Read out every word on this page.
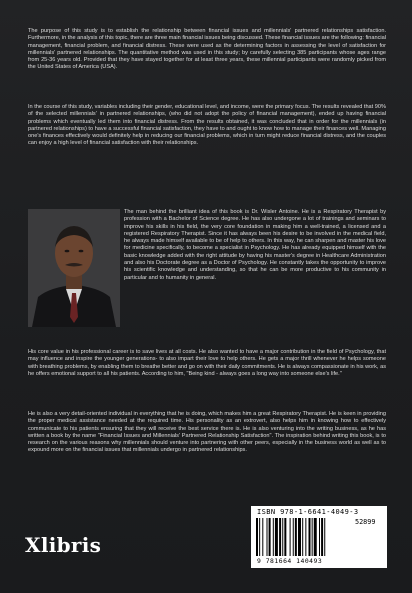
The purpose of this study is to establish the relationship between financial issues and millennials' partnered relationships satisfaction. Furthermore, in the analysis of this topic, there are three main financial issues being discussed. These financial issues are the following: financial management, financial problem, and financial distress. These were used as the determining factors in assessing the level of satisfaction for millennials' partnered relationships. The quantitative method was used in this study; by carefully selecting 385 participants whose ages range from 25-36 years old. Provided that they have stayed together for at least three years, these millennial participants were randomly picked from the United States of America (USA).

In the course of this study, variables including their gender, educational level, and income, were the primary focus. The results revealed that 90% of the selected millennials' in partnered relationships, (who did not adopt the policy of financial management), ended up having financial problems which eventually led them into financial distress. From the results obtained, it was concluded that in order for the millennials (in partnered relationships) to have a successful financial satisfaction, they have to and ought to know how to manage their finances well. Managing one's finances effectively would definitely help in reducing our financial problems, which in turn might reduce financial distress, and the couples can enjoy a high level of financial satisfaction with their relationships.

The man behind the brilliant idea of this book is Dr. Wisler Antoine. He is a Respiratory Therapist by profession with a Bachelor of Science degree. He has also undergone a lot of trainings and seminars to improve his skills in his field, the very core foundation in making him a well-trained, a licensed and a registered Respiratory Therapist. Since it has always been his desire to be involved in the medical field, he always made himself available to be of help to others. In this way, he can sharpen and master his love for medicine specifically, to become a specialist in Psychology. He has already equipped himself with the basic knowledge added with the right attitude by having his master's degree in Healthcare Administration and also his Doctorate degree as a Doctor of Psychology. He constantly takes the opportunity to improve his scientific knowledge and understanding, so that he can be more productive to his community in particular and to humanity in general.

His core value in his professional career is to save lives at all costs. He also wanted to have a major contribution in the field of Psychology, that may influence and inspire the younger generations- to also impart their love to help others. He gets a major thrill whenever he helps someone with breathing problems, by enabling them to breathe better and go on with their daily commitments. He is always compassionate in his work, as he offers emotional support to all his patients. According to him, "Being kind - always goes a long way into someone else's life."

He is also a very detail-oriented individual in everything that he is doing, which makes him a great Respiratory Therapist. He is keen in providing the proper medical assistance needed at the required time. His personality as an extrovert, also helps him in knowing how to effectively communicate to his patients ensuring that they will receive the best service there is. He is also venturing into the writing business, as he has written a book by the name "Financial Issues and Millennials' Partnered Relationship Satisfaction". The inspiration behind writing this book, is to research on the various reasons why millennials should venture into partnering with other peers, especially in the business world as well as to expound more on the financial issues that millennials undergo in partnered relationships.

Xlibris
ISBN 978-1-6641-4049-3
52899
9 781664 140493
